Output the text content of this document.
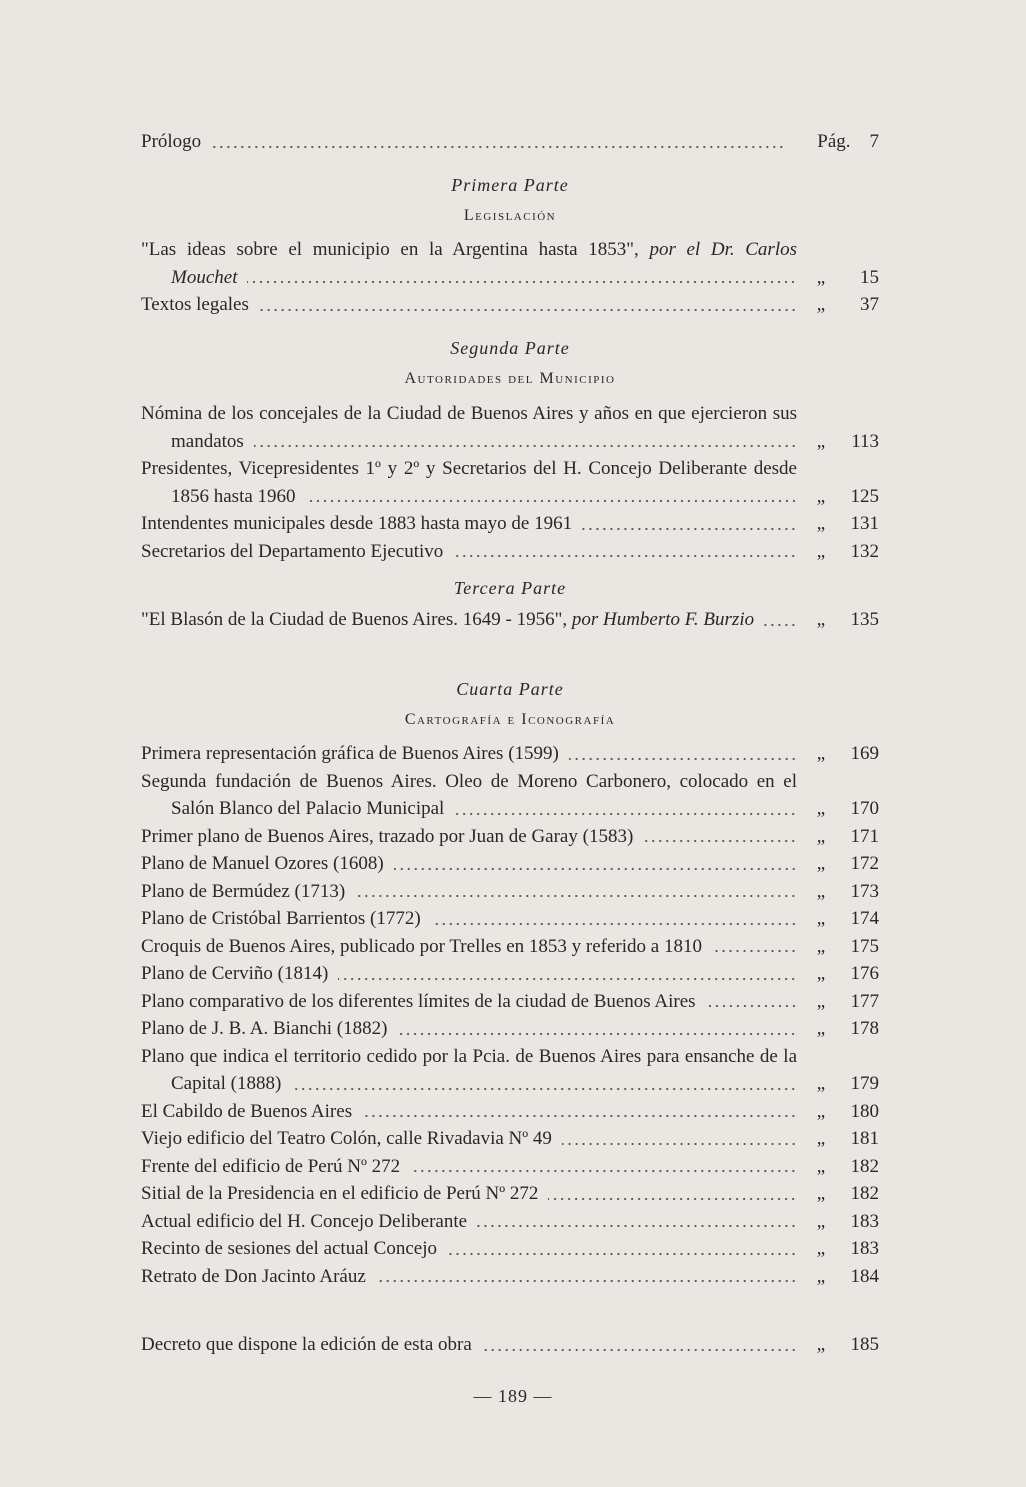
Prólogo	Pág. 7
Primera Parte
Legislación
"Las ideas sobre el municipio en la Argentina hasta 1853", por el Dr. Carlos Mouchet	„	15
Textos legales	„	37
Segunda Parte
Autoridades del Municipio
Nómina de los concejales de la Ciudad de Buenos Aires y años en que ejercieron sus mandatos	„	113
Presidentes, Vicepresidentes 1º y 2º y Secretarios del H. Concejo Deliberante desde 1856 hasta 1960	„	125
Intendentes municipales desde 1883 hasta mayo de 1961	„	131
Secretarios del Departamento Ejecutivo	„	132
Tercera Parte
"El Blasón de la Ciudad de Buenos Aires. 1649 - 1956", por Humberto F. Burzio	„	135
Cuarta Parte
Cartografía e Iconografía
Primera representación gráfica de Buenos Aires (1599)	„	169
Segunda fundación de Buenos Aires. Oleo de Moreno Carbonero, colocado en el Salón Blanco del Palacio Municipal	„	170
Primer plano de Buenos Aires, trazado por Juan de Garay (1583)	„	171
Plano de Manuel Ozores (1608)	„	172
Plano de Bermúdez (1713)	„	173
Plano de Cristóbal Barrientos (1772)	„	174
Croquis de Buenos Aires, publicado por Trelles en 1853 y referido a 1810	„	175
Plano de Cerviño (1814)	„	176
Plano comparativo de los diferentes límites de la ciudad de Buenos Aires	„	177
Plano de J. B. A. Bianchi (1882)	„	178
Plano que indica el territorio cedido por la Pcia. de Buenos Aires para ensanche de la Capital (1888)	„	179
El Cabildo de Buenos Aires	„	180
Viejo edificio del Teatro Colón, calle Rivadavia Nº 49	„	181
Frente del edificio de Perú Nº 272	„	182
Sitial de la Presidencia en el edificio de Perú Nº 272	„	182
Actual edificio del H. Concejo Deliberante	„	183
Recinto de sesiones del actual Concejo	„	183
Retrato de Don Jacinto Aráuz	„	184
Decreto que dispone la edición de esta obra	„	185
— 189 —
